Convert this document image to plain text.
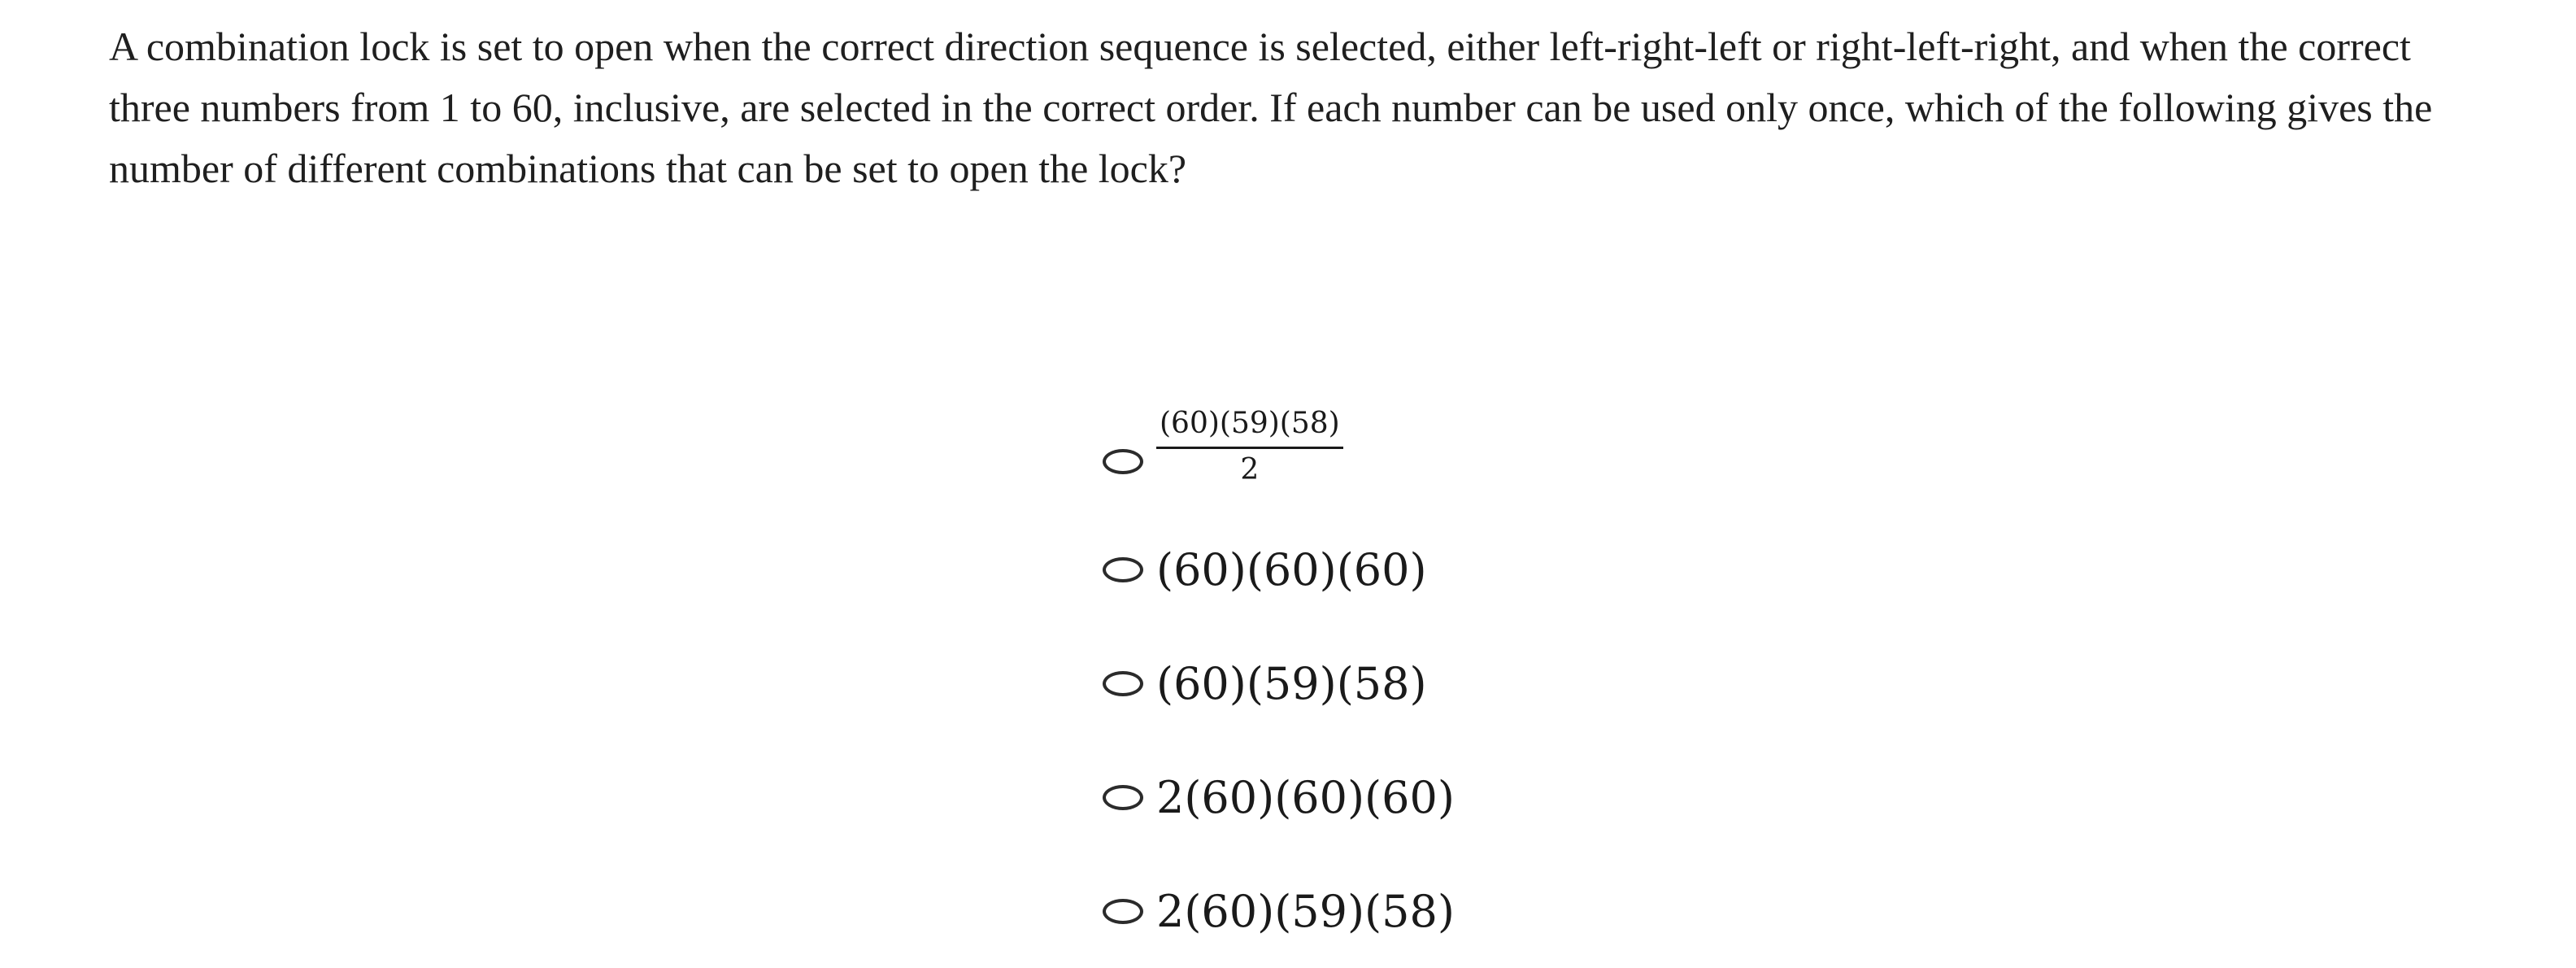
A combination lock is set to open when the correct direction sequence is selected, either left-right-left or right-left-right, and when the correct three numbers from 1 to 60, inclusive, are selected in the correct order. If each number can be used only once, which of the following gives the number of different combinations that can be set to open the lock?

$\frac{(60)(59)(58)}{2}$
(60)(60)(60)
(60)(59)(58)
2(60)(60)(60)
2(60)(59)(58)
